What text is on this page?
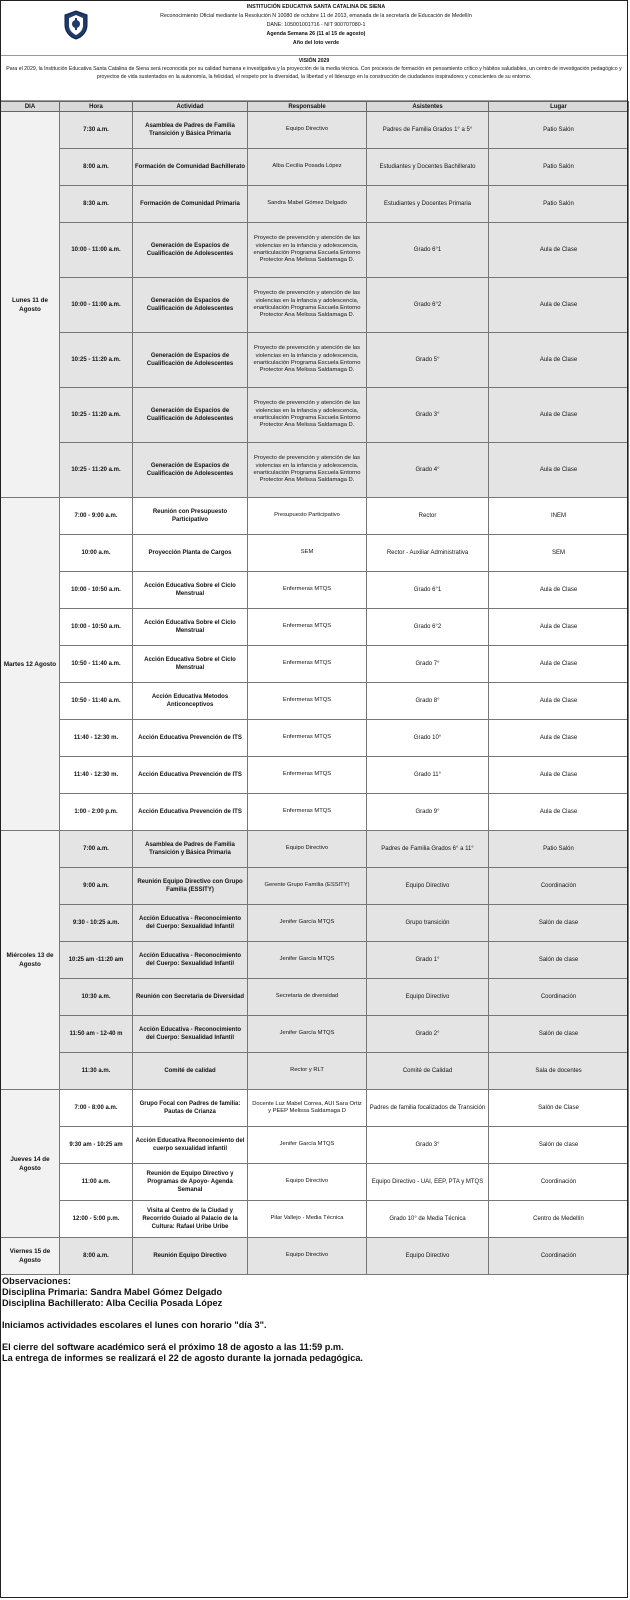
INSTITUCIÓN EDUCATIVA SANTA CATALINA DE SIENA
Reconocimiento Oficial mediante la Resolución N 10080 de octubre 11 de 2013, emanada de la secretaría de Educación de Medellín
DANE: 105001001716 - NIT 900707080-1
Agenda Semana 26 (11 al 15 de agosto)
Año del loto verde
VISIÓN 2029
Para el 2029, la Institución Educativa Santa Catalina de Siena será reconocida por su calidad humana e investigativa y la proyección de la media técnica. Con procesos de formación en pensamiento crítico y hábitos saludables, un centro de investigación pedagógico y proyectos de vida sustentados en la autonomía, la felicidad, el respeto por la diversidad, la libertad y el liderazgo en la construcción de ciudadanos inspiradores y conscientes de su entorno.
DIA	Hora	Actividad	Responsable	Asistentes	Lugar
Lunes 11 de Agosto	7:30 a.m.	Asamblea de Padres de Familia Transición y Básica Primaria	Equipo Directivo	Padres de Familia Grados 1° a 5°	Patio Salón
	8:00 a.m.	Formación de Comunidad Bachillerato	Alba Cecilia Posada López	Estudiantes y Docentes Bachillerato	Patio Salón
	8:30 a.m.	Formación de Comunidad Primaria	Sandra Mabel Gómez Delgado	Estudiantes y Docentes Primaria	Patio Salón
	10:00 - 11:00 a.m.	Generación de Espacios de Cualificación de Adolescentes	Proyecto de prevención y atención de las violencias en la infancia y adolescencia, enarticulación Programa Escuela Entorno Protector Ana Melissa Saldamaga D.	Grado 6°1	Aula de Clase
	10:00 - 11:00 a.m.	Generación de Espacios de Cualificación de Adolescentes	Proyecto de prevención y atención de las violencias en la infancia y adolescencia, enarticulación Programa Escuela Entorno Protector Ana Melissa Saldamaga D.	Grado 6°2	Aula de Clase
	10:25 - 11:20 a.m.	Generación de Espacios de Cualificación de Adolescentes	Proyecto de prevención y atención de las violencias en la infancia y adolescencia, enarticulación Programa Escuela Entorno Protector Ana Melissa Saldamaga D.	Grado 5°	Aula de Clase
	10:25 - 11:20 a.m.	Generación de Espacios de Cualificación de Adolescentes	Proyecto de prevención y atención de las violencias en la infancia y adolescencia, enarticulación Programa Escuela Entorno Protector Ana Melissa Saldamaga D.	Grado 3°	Aula de Clase
	10:25 - 11:20 a.m.	Generación de Espacios de Cualificación de Adolescentes	Proyecto de prevención y atención de las violencias en la infancia y adolescencia, enarticulación Programa Escuela Entorno Protector Ana Melissa Saldamaga D.	Grado 4°	Aula de Clase
Martes 12 Agosto	7:00 - 9:00 a.m.	Reunión con Presupuesto Participativo	Presupuesto Participativo	Rector	INEM
	10:00 a.m.	Proyección Planta de Cargos	SEM	Rector - Auxiliar Administrativa	SEM
	10:00 - 10:50 a.m.	Acción Educativa Sobre el Ciclo Menstrual	Enfermeras MTQS	Grado 6°1	Aula de Clase
	10:00 - 10:50 a.m.	Acción Educativa Sobre el Ciclo Menstrual	Enfermeras MTQS	Grado 6°2	Aula de Clase
	10:50 - 11:40 a.m.	Acción Educativa Sobre el Ciclo Menstrual	Enfermeras MTQS	Grado 7°	Aula de Clase
	10:50 - 11:40 a.m.	Acción Educativa Metodos Anticonceptivos	Enfermeras MTQS	Grado 8°	Aula de Clase
	11:40 - 12:30 m.	Acción Educativa Prevención de ITS	Enfermeras MTQS	Grado 10°	Aula de Clase
	11:40 - 12:30 m.	Acción Educativa Prevención de ITS	Enfermeras MTQS	Grado 11°	Aula de Clase
	1:00 - 2:00 p.m.	Acción Educativa Prevención de ITS	Enfermeras MTQS	Grado 9°	Aula de Clase
Miércoles 13 de Agosto	7:00 a.m.	Asamblea de Padres de Familia Transición y Básica Primaria	Equipo Directivo	Padres de Familia Grados 6° a 11°	Patio Salón
	9:00 a.m.	Reunión Equipo Directivo con Grupo Familia (ESSITY)	Gerente Grupo Familia (ESSITY)	Equipo Directivo	Coordinación
	9:30 - 10:25 a.m.	Acción Educativa - Reconocimiento del Cuerpo: Sexualidad Infantil	Jenifer García MTQS	Grupo transición	Salón de clase
	10:25 am -11:20 am	Acción Educativa - Reconocimiento del Cuerpo: Sexualidad Infantil	Jenifer García MTQS	Grado 1°	Salón de clase
	10:30 a.m.	Reunión con Secretaria de Diversidad	Secretaria de diversidad	Equipo Directivo	Coordinación
	11:50 am - 12-40 m	Acción Educativa - Reconocimiento del Cuerpo: Sexualidad Infantil	Jenifer García MTQS	Grado 2°	Salón de clase
	11:30 a.m.	Comité de calidad	Rector y RLT	Comité de Calidad	Sala de docentes
Jueves 14 de Agosto	7:00 - 8:00 a.m.	Grupo Focal con Padres de familia: Pautas de Crianza	Docente Luz Mabel Correa, AUI Sara Ortiz y PEEP Melissa Saldamaga D	Padres de familia focalizados de Transición	Salón de Clase
	9:30 am - 10:25 am	Acción Educativa Reconocimiento del cuerpo sexualidad infantil	Jenifer García MTQS	Grado 3°	Salón de clase
	11:00 a.m.	Reunión de Equipo Directivo y Programas de Apoyo- Agenda Semanal	Equipo Directivo	Equipo Directivo - UAI, EEP, PTA y MTQS	Coordinación
	12:00 - 5:00 p.m.	Visita al Centro de la Ciudad y Recorrido Guiado al Palacio de la Cultura: Rafael Uribe Uribe	Pilar Vallejo - Media Técnica	Grado 10° de Media Técnica	Centro de Medellín
Viernes 15 de Agosto	8:00 a.m.	Reunión Equipo Directivo	Equipo Directivo	Equipo Directivo	Coordinación

Observaciones:

Disciplina Primaria: Sandra Mabel Gómez Delgado

Disciplina Bachillerato: Alba Cecilia Posada López

Iniciamos actividades escolares el lunes con horario "día 3".

El cierre del software académico será el próximo 18 de agosto a las 11:59 p.m.

La entrega de informes se realizará el 22 de agosto durante la jornada pedagógica.
